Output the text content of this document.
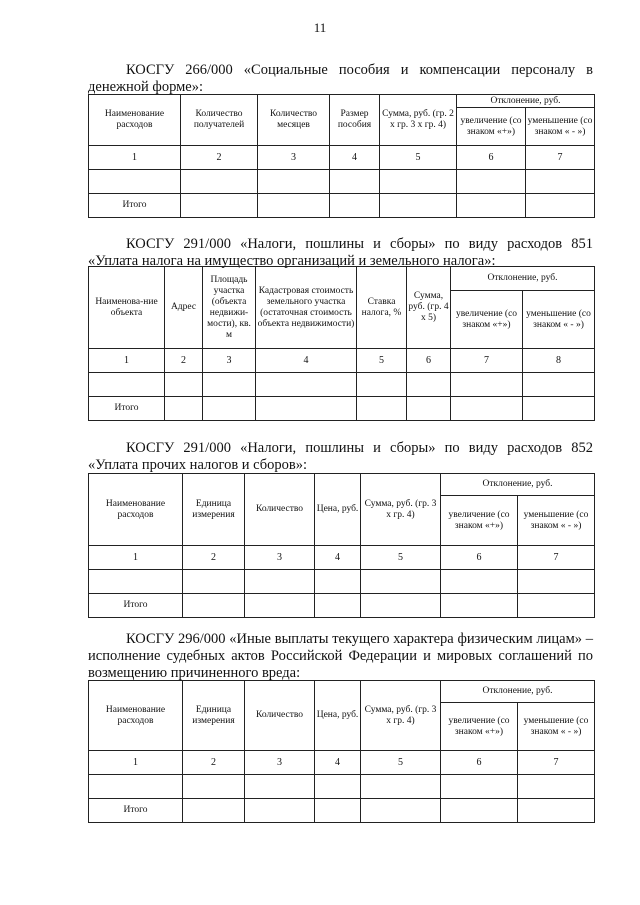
11
КОСГУ 266/000 «Социальные пособия и компенсации персоналу в денежной форме»:
Наименование расходов	Количество получателей	Количество месяцев	Размер пособия	Сумма, руб. (гр. 2 x гр. 3 x гр. 4)	Отклонение, руб.	
					увеличение (со знаком «+»)	уменьшение (со знаком « - »)
1	2	3	4	5	6	7

Итого						
КОСГУ 291/000 «Налоги, пошлины и сборы» по виду расходов 851 «Уплата налога на имущество организаций и земельного налога»:
Наименова-ние объекта	Адрес	Площадь участка (объекта недвижи-мости), кв. м	Кадастровая стоимость земельного участка (остаточная стоимость объекта недвижимости)	Ставка налога, %	Сумма, руб. (гр. 4 x 5)	Отклонение, руб.	
						увеличение (со знаком «+»)	уменьшение (со знаком « - »)
1	2	3	4	5	6	7	8

Итого							
КОСГУ 291/000 «Налоги, пошлины и сборы» по виду расходов 852 «Уплата прочих налогов и сборов»:
Наименование расходов	Единица измерения	Количество	Цена, руб.	Сумма, руб. (гр. 3 x гр. 4)	Отклонение, руб.	
					увеличение (со знаком «+»)	уменьшение (со знаком « - »)
1	2	3	4	5	6	7

Итого						
КОСГУ 296/000 «Иные выплаты текущего характера физическим лицам» – исполнение судебных актов Российской Федерации и мировых соглашений по возмещению причиненного вреда:
Наименование расходов	Единица измерения	Количество	Цена, руб.	Сумма, руб. (гр. 3 x гр. 4)	Отклонение, руб.	
					увеличение (со знаком «+»)	уменьшение (со знаком « - »)
1	2	3	4	5	6	7

Итого						
